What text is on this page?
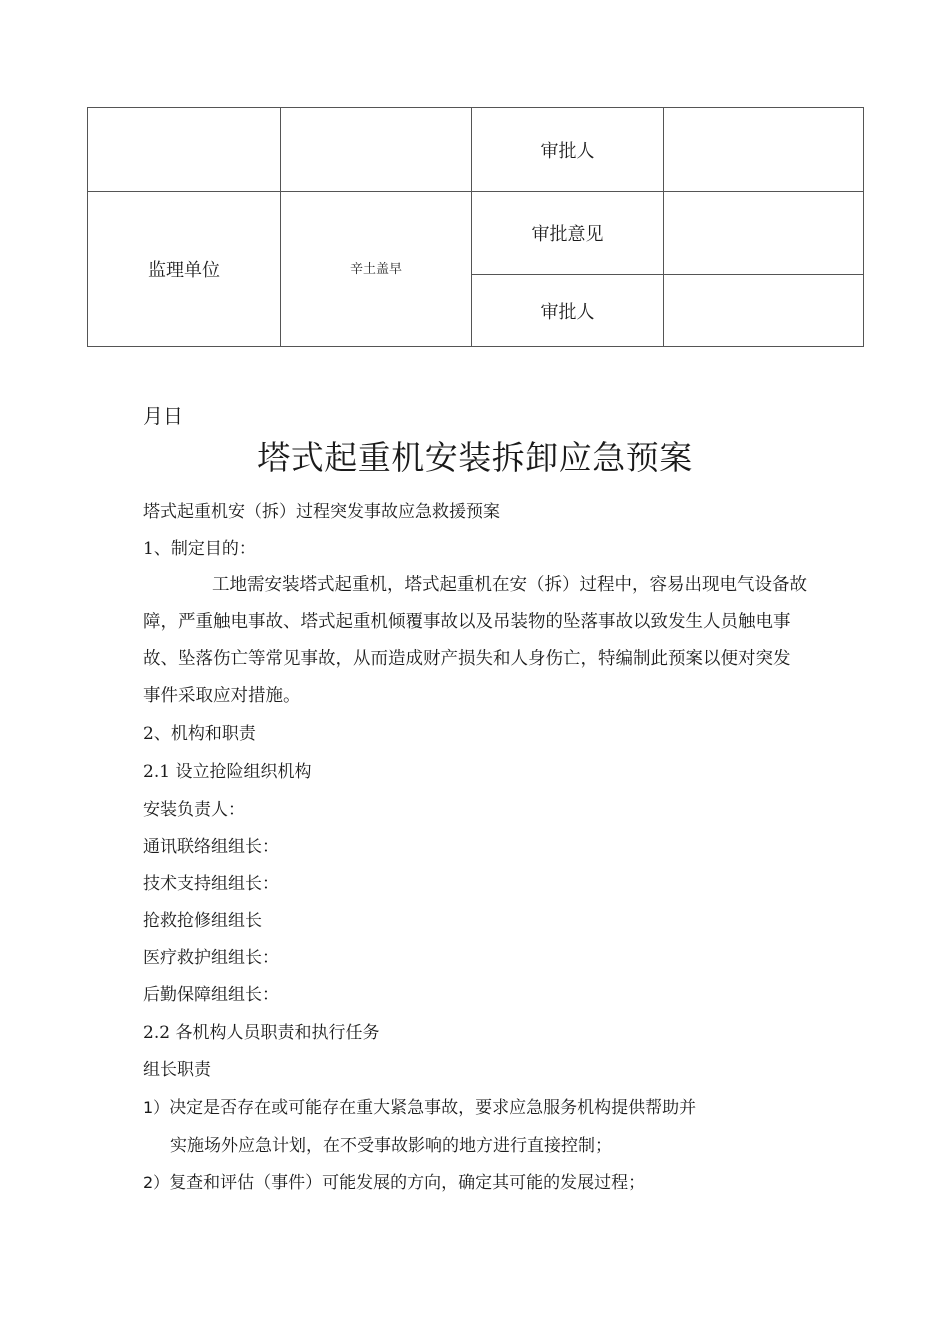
		审批人	
监理单位	辛土盖早	审批意见	
		审批人	
月日
塔式起重机安装拆卸应急预案
塔式起重机安（拆）过程突发事故应急救援预案
1、制定目的：
工地需安装塔式起重机，塔式起重机在安（拆）过程中，容易出现电气设备故
障，严重触电事故、塔式起重机倾覆事故以及吊装物的坠落事故以致发生人员触电事
故、坠落伤亡等常见事故，从而造成财产损失和人身伤亡，特编制此预案以便对突发
事件采取应对措施。
2、机构和职责
2.1 设立抢险组织机构
安装负责人：
通讯联络组组长：
技术支持组组长：
抢救抢修组组长
医疗救护组组长：
后勤保障组组长：
2.2 各机构人员职责和执行任务
组长职责
1）决定是否存在或可能存在重大紧急事故，要求应急服务机构提供帮助并
实施场外应急计划，在不受事故影响的地方进行直接控制；
2）复查和评估（事件）可能发展的方向，确定其可能的发展过程；
